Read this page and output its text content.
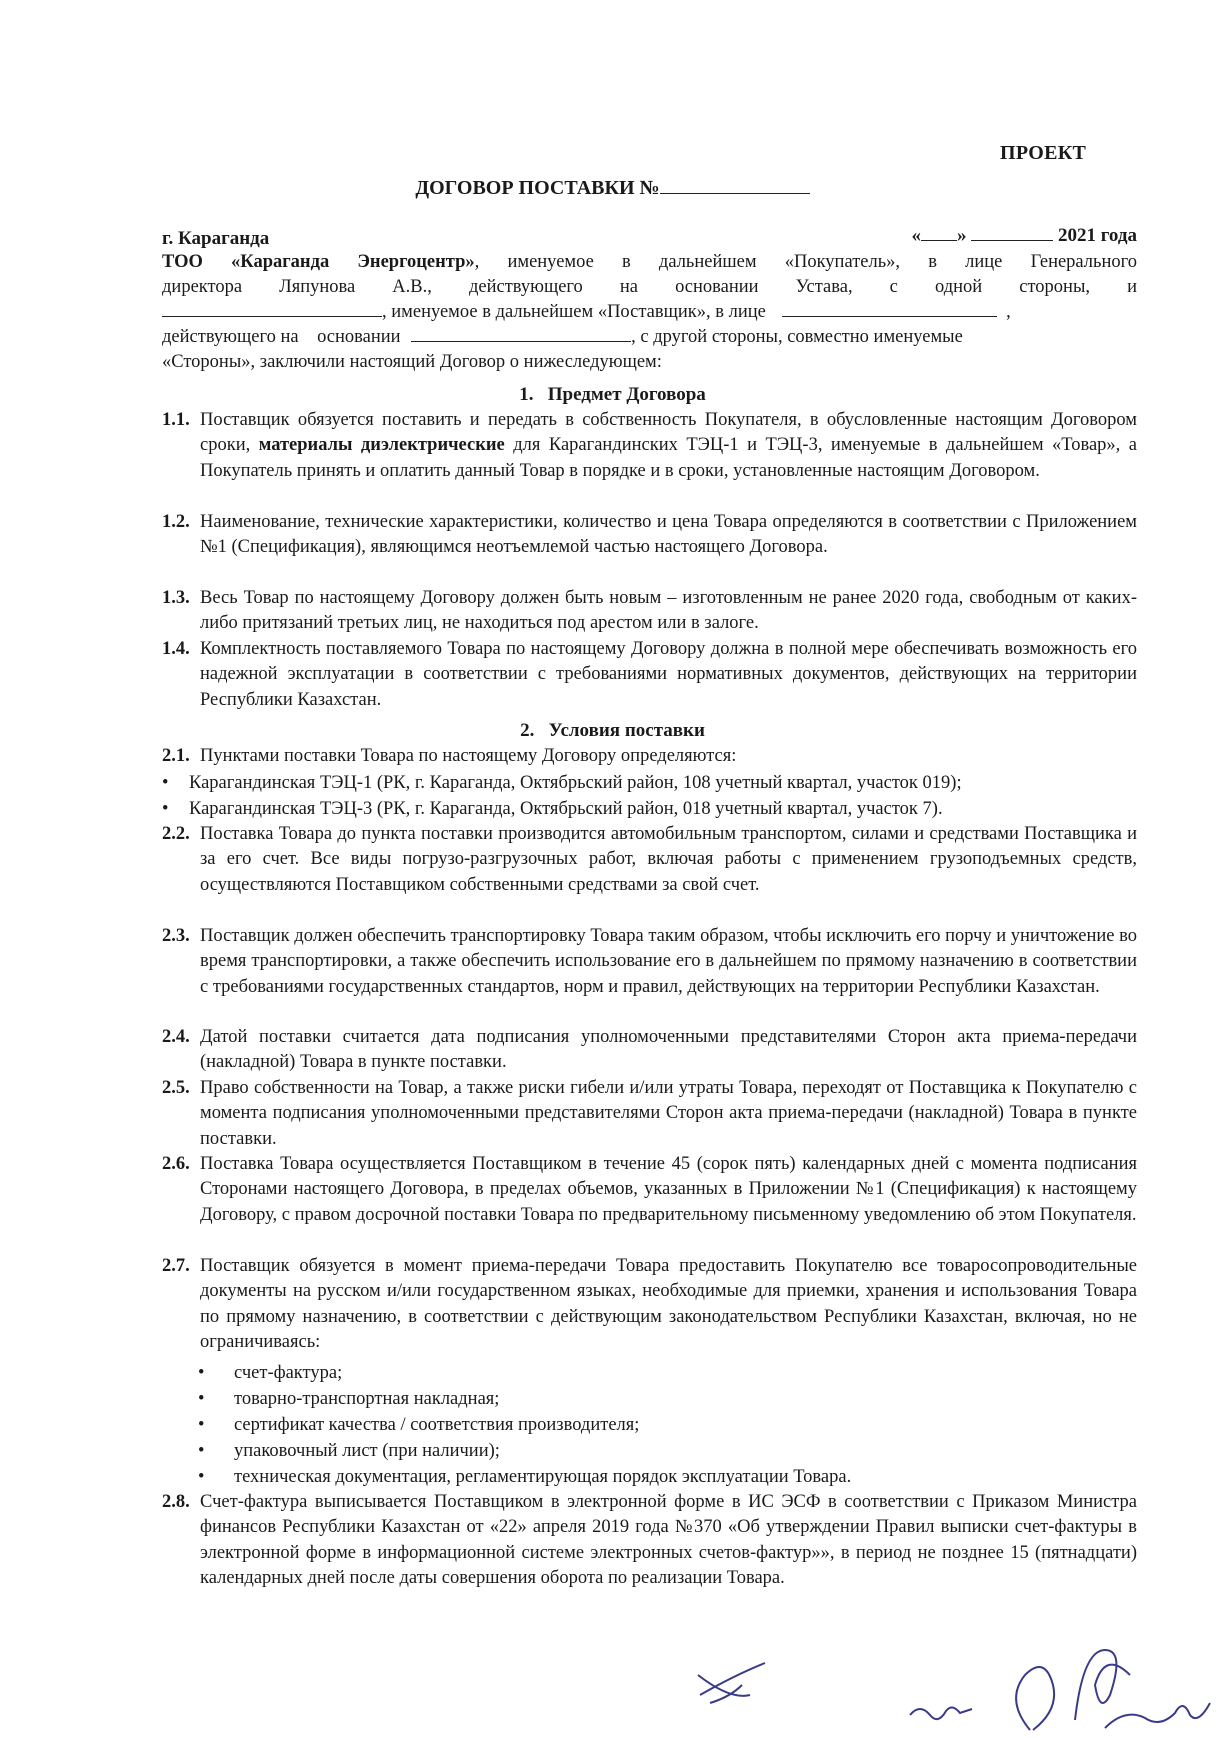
ПРОЕКТ
ДОГОВОР ПОСТАВКИ №
г. Караганда	« »	2021 года
ТОО «Караганда Энергоцентр», именуемое в дальнейшем «Покупатель», в лице Генерального
директора Ляпунова А.В., действующего на основании Устава, с одной стороны, и
, именуемое в дальнейшем «Поставщик», в лице	,
действующего на    основании	, с другой стороны, совместно именуемые
«Стороны», заключили настоящий Договор о нижеследующем:
1.   Предмет Договора
1.1. Поставщик обязуется поставить и передать в собственность Покупателя, в обусловленные настоящим Договором сроки, материалы диэлектрические для Карагандинских ТЭЦ-1 и ТЭЦ-3, именуемые в дальнейшем «Товар», а Покупатель принять и оплатить данный Товар в порядке и в сроки, установленные настоящим Договором.
1.2. Наименование, технические характеристики, количество и цена Товара определяются в соответствии с Приложением №1 (Спецификация), являющимся неотъемлемой частью настоящего Договора.
1.3. Весь Товар по настоящему Договору должен быть новым – изготовленным не ранее 2020 года, свободным от каких-либо притязаний третьих лиц, не находиться под арестом или в залоге.
1.4. Комплектность поставляемого Товара по настоящему Договору должна в полной мере обеспечивать возможность его надежной эксплуатации в соответствии с требованиями нормативных документов, действующих на территории Республики Казахстан.
2.   Условия поставки
2.1. Пунктами поставки Товара по настоящему Договору определяются:
• Карагандинская ТЭЦ-1 (РК, г. Караганда, Октябрьский район, 108 учетный квартал, участок 019);
• Карагандинская ТЭЦ-3 (РК, г. Караганда, Октябрьский район, 018 учетный квартал, участок 7).
2.2. Поставка Товара до пункта поставки производится автомобильным транспортом, силами и средствами Поставщика и за его счет. Все виды погрузо-разгрузочных работ, включая работы с применением грузоподъемных средств, осуществляются Поставщиком собственными средствами за свой счет.
2.3. Поставщик должен обеспечить транспортировку Товара таким образом, чтобы исключить его порчу и уничтожение во время транспортировки, а также обеспечить использование его в дальнейшем по прямому назначению в соответствии с требованиями государственных стандартов, норм и правил, действующих на территории Республики Казахстан.
2.4. Датой поставки считается дата подписания уполномоченными представителями Сторон акта приема-передачи (накладной) Товара в пункте поставки.
2.5. Право собственности на Товар, а также риски гибели и/или утраты Товара, переходят от Поставщика к Покупателю с момента подписания уполномоченными представителями Сторон акта приема-передачи (накладной) Товара в пункте поставки.
2.6. Поставка Товара осуществляется Поставщиком в течение 45 (сорок пять) календарных дней с момента подписания Сторонами настоящего Договора, в пределах объемов, указанных в Приложении №1 (Спецификация) к настоящему Договору, с правом досрочной поставки Товара по предварительному письменному уведомлению об этом Покупателя.
2.7. Поставщик обязуется в момент приема-передачи Товара предоставить Покупателю все товаросопроводительные документы на русском и/или государственном языках, необходимые для приемки, хранения и использования Товара по прямому назначению, в соответствии с действующим законодательством Республики Казахстан, включая, но не ограничиваясь:
• счет-фактура;
• товарно-транспортная накладная;
• сертификат качества / соответствия производителя;
• упаковочный лист (при наличии);
• техническая документация, регламентирующая порядок эксплуатации Товара.
2.8. Счет-фактура выписывается Поставщиком в электронной форме в ИС ЭСФ в соответствии с Приказом Министра финансов Республики Казахстан от «22» апреля 2019 года №370 «Об утверждении Правил выписки счет-фактуры в электронной форме в информационной системе электронных счетов-фактур»», в период не позднее 15 (пятнадцати) календарных дней после даты совершения оборота по реализации Товара.
